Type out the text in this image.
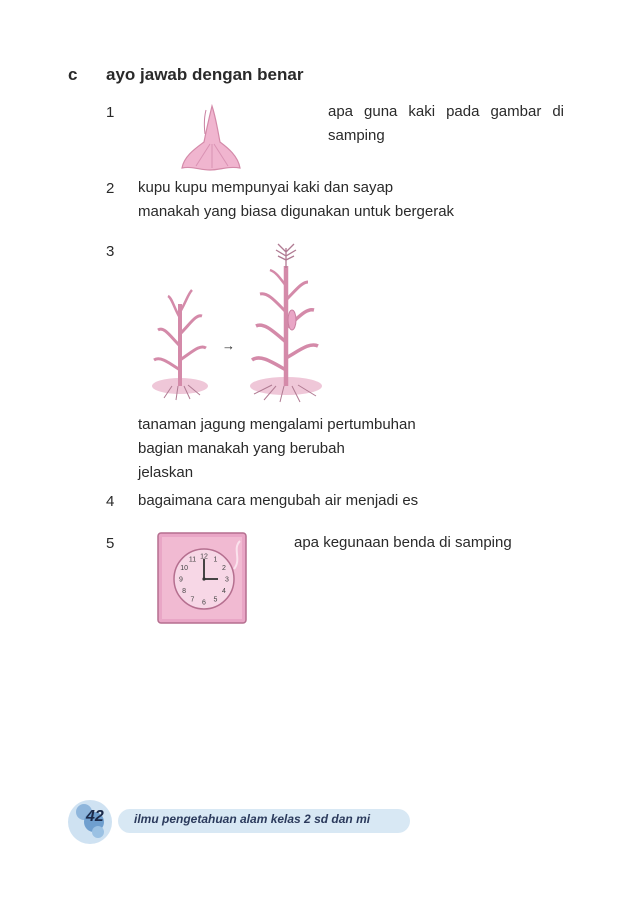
c ayo jawab dengan benar
1	apa guna kaki pada gambar di
samping
2 kupu kupu mempunyai kaki dan sayap
manakah yang biasa digunakan untuk bergerak
3
→
tanaman jagung mengalami pertumbuhan
bagian manakah yang berubah
jelaskan
4 bagaimana cara mengubah air menjadi es
5	apa kegunaan benda di samping
12 1
2
3
4
5
6
7
8
9
10
11
42	ilmu pengetahuan alam kelas 2 sd dan mi
